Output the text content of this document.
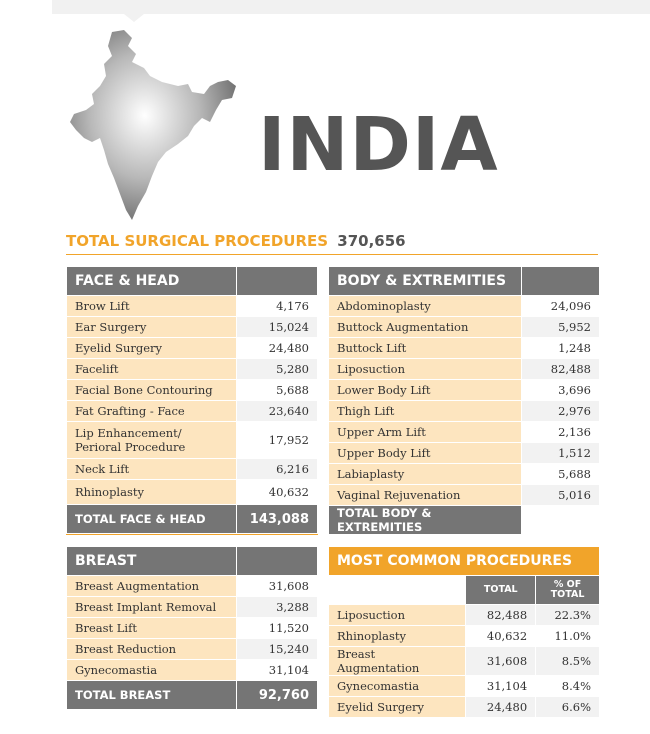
INDIA
TOTAL SURGICAL PROCEDURES 370,656
FACE & HEAD	
Brow Lift	4,176
Ear Surgery	15,024
Eyelid Surgery	24,480
Facelift	5,280
Facial Bone Contouring	5,688
Fat Grafting - Face	23,640
Lip Enhancement/
Perioral Procedure	17,952
Neck Lift	6,216
Rhinoplasty	40,632
TOTAL FACE & HEAD	143,088
BODY & EXTREMITIES	
Abdominoplasty	24,096
Buttock Augmentation	5,952
Buttock Lift	1,248
Liposuction	82,488
Lower Body Lift	3,696
Thigh Lift	2,976
Upper Arm Lift	2,136
Upper Body Lift	1,512
Labiaplasty	5,688
Vaginal Rejuvenation	5,016
TOTAL BODY & EXTREMITIES	134,808
BREAST	
Breast Augmentation	31,608
Breast Implant Removal	3,288
Breast Lift	11,520
Breast Reduction	15,240
Gynecomastia	31,104
TOTAL BREAST	92,760
MOST COMMON PROCEDURES		
	TOTAL	% OF
TOTAL
Liposuction	82,488	22.3%
Rhinoplasty	40,632	11.0%
Breast Augmentation	31,608	8.5%
Gynecomastia	31,104	8.4%
Eyelid Surgery	24,480	6.6%
